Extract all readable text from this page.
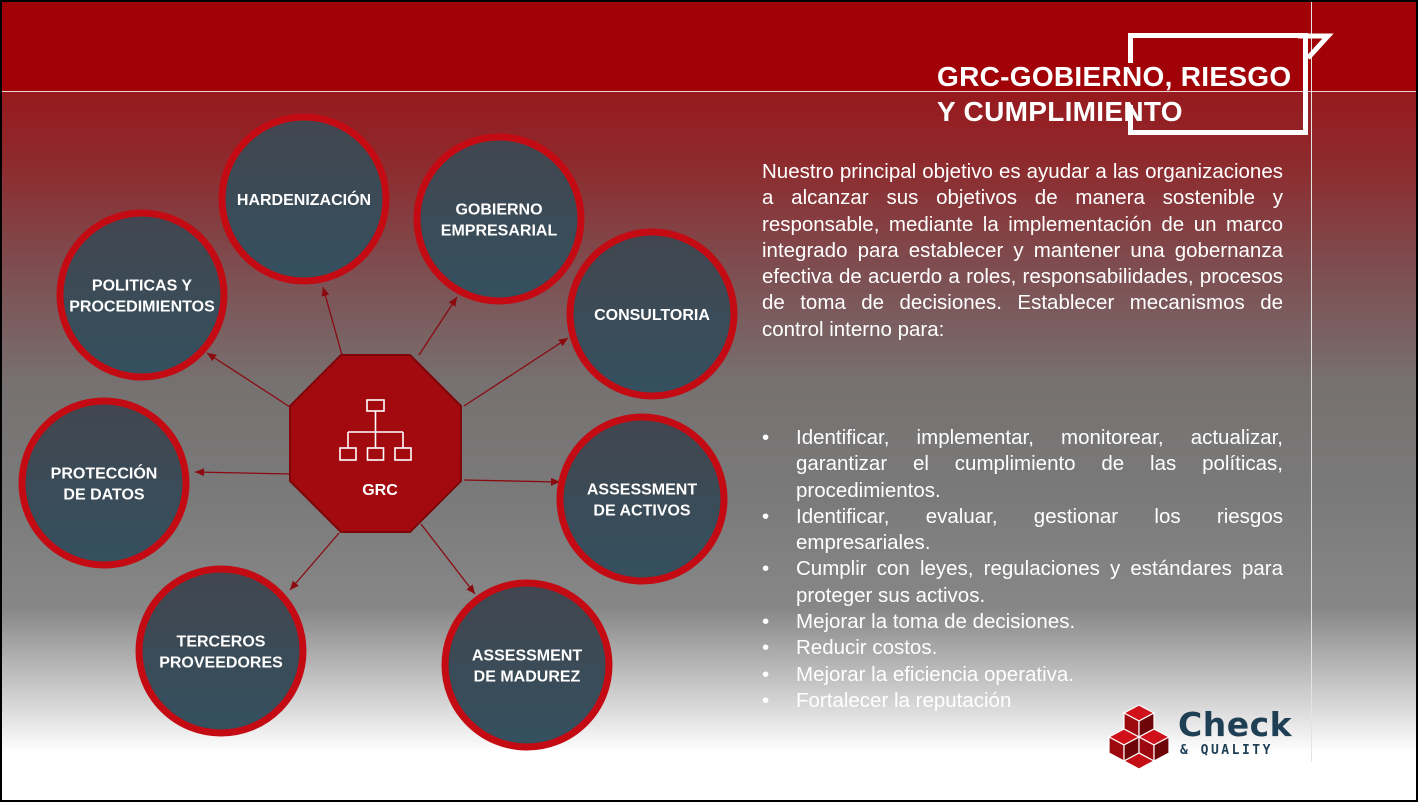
GRC-GOBIERNO, RIESGO
Y CUMPLIMIENTO
GRC
HARDENIZACIÓN
GOBIERNO
EMPRESARIAL
CONSULTORIA
ASSESSMENT
DE ACTIVOS
ASSESSMENT
DE MADUREZ
TERCEROS
PROVEEDORES
PROTECCIÓN
DE DATOS
POLITICAS Y
PROCEDIMIENTOS
Nuestro principal objetivo es ayudar a las organizaciones a alcanzar sus objetivos de manera sostenible y responsable, mediante la implementación de un marco integrado para establecer y mantener una gobernanza efectiva de acuerdo a roles, responsabilidades, procesos de toma de decisiones. Establecer mecanismos de control interno para:
• Identificar, implementar, monitorear, actualizar, garantizar el cumplimiento de las políticas, procedimientos.
• Identificar, evaluar, gestionar los riesgos empresariales.
• Cumplir con leyes, regulaciones y estándares para proteger sus activos.
• Mejorar la toma de decisiones.
• Reducir costos.
• Mejorar la eficiencia operativa.
• Fortalecer la reputación
Check
& QUALITY
